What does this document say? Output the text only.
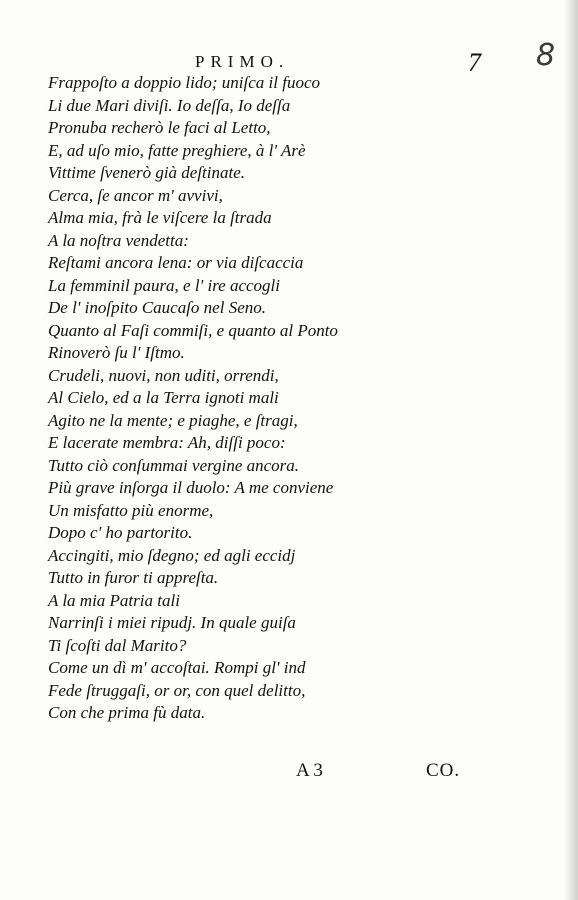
PRIMO.	7 8
Frappoſto a doppio lido; uniſca il fuoco
Li due Mari diviſi. Io deſſa, Io deſſa
Pronuba recherò le faci al Letto,
E, ad uſo mio, fatte preghiere, à l' Arè
Vittime ſvenerò già deſtinate.
Cerca, ſe ancor m' avvivi,
Alma mia, frà le viſcere la ſtrada
A la noſtra vendetta:
Reſtami ancora lena: or via diſcaccia
La femminil paura, e l' ire accogli
De l' inoſpito Caucaſo nel Seno.
Quanto al Faſi commiſi, e quanto al Ponto
Rinoverò ſu l' Iſtmo.
Crudeli, nuovi, non uditi, orrendi,
Al Cielo, ed a la Terra ignoti mali
Agito ne la mente; e piaghe, e ſtragi,
E lacerate membra: Ah, diſſi poco:
Tutto ciò conſummai vergine ancora.
Più grave inſorga il duolo: A me conviene
Un misfatto più enorme,
Dopo c' ho partorito.
Accingiti, mio ſdegno; ed agli eccidj
Tutto in furor ti appreſta.
A la mia Patria tali
Narrinſi i miei ripudj. In quale guiſa
Ti ſcoſti dal Marito?
Come un dì m' accoſtai. Rompi gl' ind
Fede ſtruggaſi, or or, con quel delitto,
Con che prima fù data.
A 3	CO.
